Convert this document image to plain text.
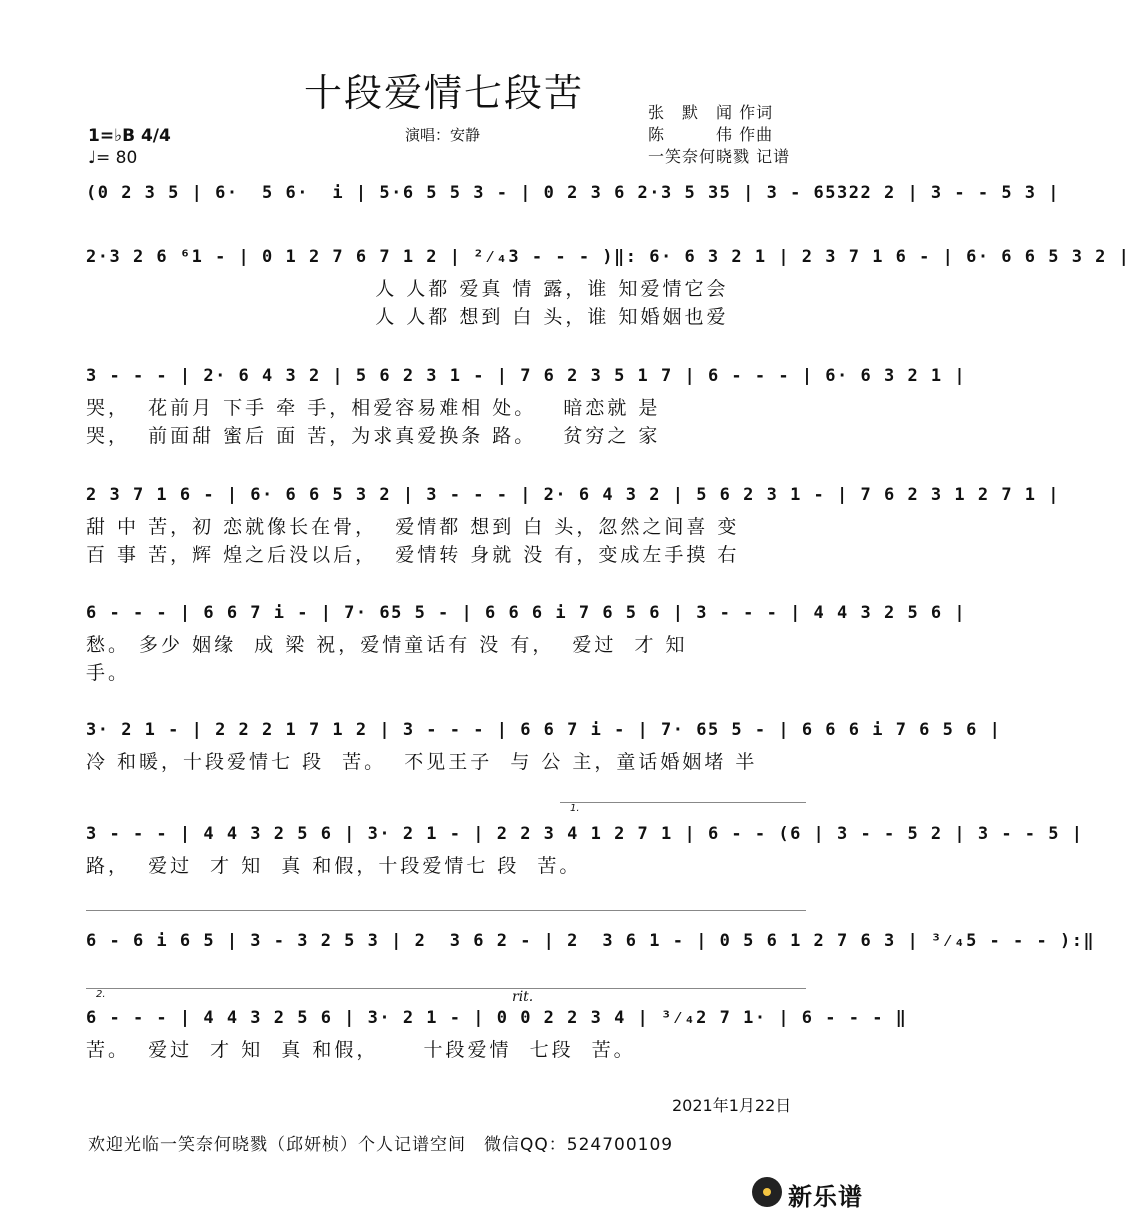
十段爱情七段苦
1=♭B 4/4
♩= 80
演唱：安静
张　默　闻 作词
陈　　　伟 作曲
一笑奈何晓戮 记谱
(0 2 3 5 | 6·  5 6·  i | 5·6 5 5 3 - | 0 2 3 6 2·3 5 35 | 3 - 65322 2 | 3 - - 5 3 |
2·3 2 6 ⁶1 - | 0 1 2 7 6 7 1 2 | ²⁄₄3 - - - )‖: 6· 6 3 2 1 | 2 3 7 1 6 - | 6· 6 6 5 3 2 |
人 人都 爱真 情 露，谁 知爱情它会
人 人都 想到 白 头，谁 知婚姻也爱
3 - - - | 2· 6 4 3 2 | 5 6 2 3 1 - | 7 6 2 3 5 1 7 | 6 - - - | 6· 6 3 2 1 |
哭，  花前月 下手 牵 手，相爱容易难相 处。   暗恋就 是
哭，  前面甜 蜜后 面 苦，为求真爱换条 路。   贫穷之 家
2 3 7 1 6 - | 6· 6 6 5 3 2 | 3 - - - | 2· 6 4 3 2 | 5 6 2 3 1 - | 7 6 2 3 1 2 7 1 |
甜 中 苦，初 恋就像长在骨，  爱情都 想到 白 头，忽然之间喜 变
百 事 苦，辉 煌之后没以后，  爱情转 身就 没 有，变成左手摸 右
6 - - - | 6 6 7 i - | 7· 65 5 - | 6 6 6 i 7 6 5 6 | 3 - - - | 4 4 3 2 5 6 |
愁。 多少 姻缘  成 梁 祝，爱情童话有 没 有，  爱过  才 知
手。
3· 2 1 - | 2 2 2 1 7 1 2 | 3 - - - | 6 6 7 i - | 7· 65 5 - | 6 6 6 i 7 6 5 6 |
冷 和暖，十段爱情七 段  苦。  不见王子  与 公 主，童话婚姻堵 半
1.
3 - - - | 4 4 3 2 5 6 | 3· 2 1 - | 2 2 3 4 1 2 7 1 | 6 - - (6 | 3 - - 5 2 | 3 - - 5 |
路，  爱过  才 知  真 和假，十段爱情七 段  苦。
6 - 6 i 6 5 | 3 - 3 2 5 3 | 2  3 6 2 - | 2  3 6 1 - | 0 5 6 1 2 7 6 3 | ³⁄₄5 - - - ):‖
2.	rit.
6 - - - | 4 4 3 2 5 6 | 3· 2 1 - | 0 0 2 2 3 4 | ³⁄₄2 7 1· | 6 - - - ‖
苦。  爱过  才 知  真 和假，     十段爱情  七段  苦。
2021年1月22日
欢迎光临一笑奈何晓戮（邱妍桢）个人记谱空间　微信QQ：524700109
新乐谱
